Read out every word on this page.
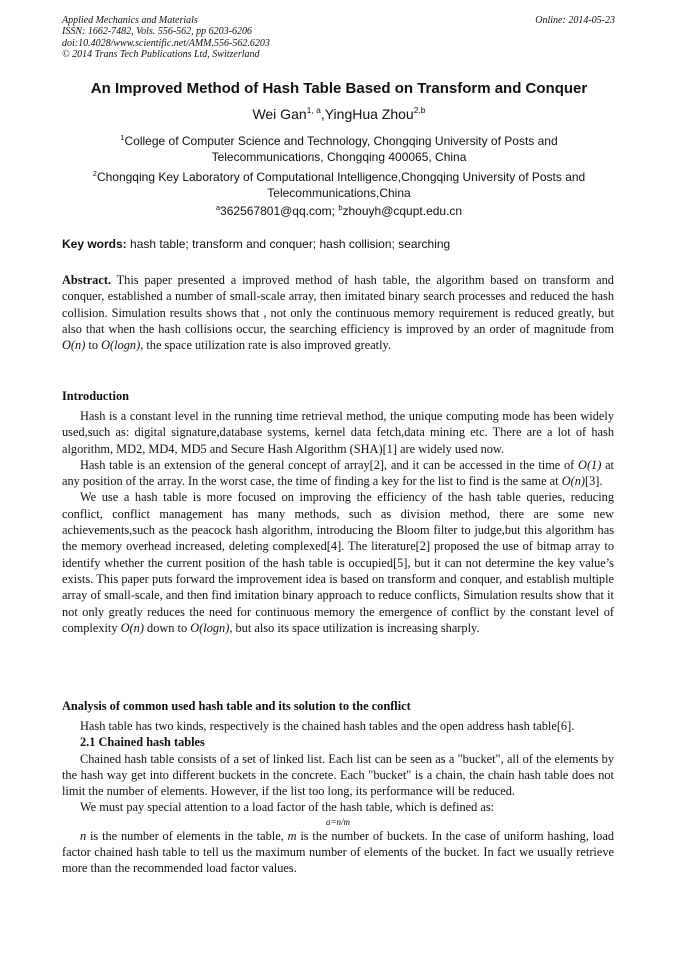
Applied Mechanics and Materials
ISSN: 1662-7482, Vols. 556-562, pp 6203-6206
doi:10.4028/www.scientific.net/AMM.556-562.6203
© 2014 Trans Tech Publications Ltd, Switzerland
Online: 2014-05-23
An Improved Method of Hash Table Based on Transform and Conquer
Wei Gan$^{1, a}$,YingHua Zhou$^{2,b}$
$^1$College of Computer Science and Technology, Chongqing University of Posts and Telecommunications, Chongqing 400065, China
$^2$Chongqing Key Laboratory of Computational Intelligence,Chongqing University of Posts and Telecommunications,China
$^a$362567801@qq.com; $^b$zhouyh@cqupt.edu.cn
Key words: hash table; transform and conquer; hash collision; searching

Abstract. This paper presented a improved method of hash table, the algorithm based on transform and conquer, established a number of small-scale array, then imitated binary search processes and reduced the hash collision. Simulation results shows that , not only the continuous memory requirement is reduced greatly, but also that when the hash collisions occur, the searching efficiency is improved by an order of magnitude from O(n) to O(logn), the space utilization rate is also improved greatly.

Introduction

Hash is a constant level in the running time retrieval method, the unique computing mode has been widely used,such as: digital signature,database systems, kernel data fetch,data mining etc. There are a lot of hash algorithm, MD2, MD4, MD5 and Secure Hash Algorithm (SHA)[1] are widely used now.

Hash table is an extension of the general concept of array[2], and it can be accessed in the time of O(1) at any position of the array. In the worst case, the time of finding a key for the list to find is the same at O(n)[3].

We use a hash table is more focused on improving the efficiency of the hash table queries, reducing conflict, conflict management has many methods, such as division method, there are some new achievements,such as the peacock hash algorithm, introducing the Bloom filter to judge,but this algorithm has the memory overhead increased, deleting complexed[4]. The literature[2] proposed the use of bitmap array to identify whether the current position of the hash table is occupied[5], but it can not determine the key value’s exists. This paper puts forward the improvement idea is based on transform and conquer, and establish multiple array of small-scale, and then find imitation binary approach to reduce conflicts, Simulation results show that it not only greatly reduces the need for continuous memory the emergence of conflict by the constant level of complexity O(n) down to O(logn), but also its space utilization is increasing sharply.

Analysis of common used hash table and its solution to the conflict

Hash table has two kinds, respectively is the chained hash tables and the open address hash table[6].

2.1 Chained hash tables

Chained hash table consists of a set of linked list. Each list can be seen as a "bucket", all of the elements by the hash way get into different buckets in the concrete. Each "bucket" is a chain, the chain hash table does not limit the number of elements. However, if the list too long, its performance will be reduced.

We must pay special attention to a load factor of the hash table, which is defined as:

a=n/m

n is the number of elements in the table, m is the number of buckets. In the case of uniform hashing, load factor chained hash table to tell us the maximum number of elements of the bucket. In fact we usually retrieve more than the recommended load factor values.
